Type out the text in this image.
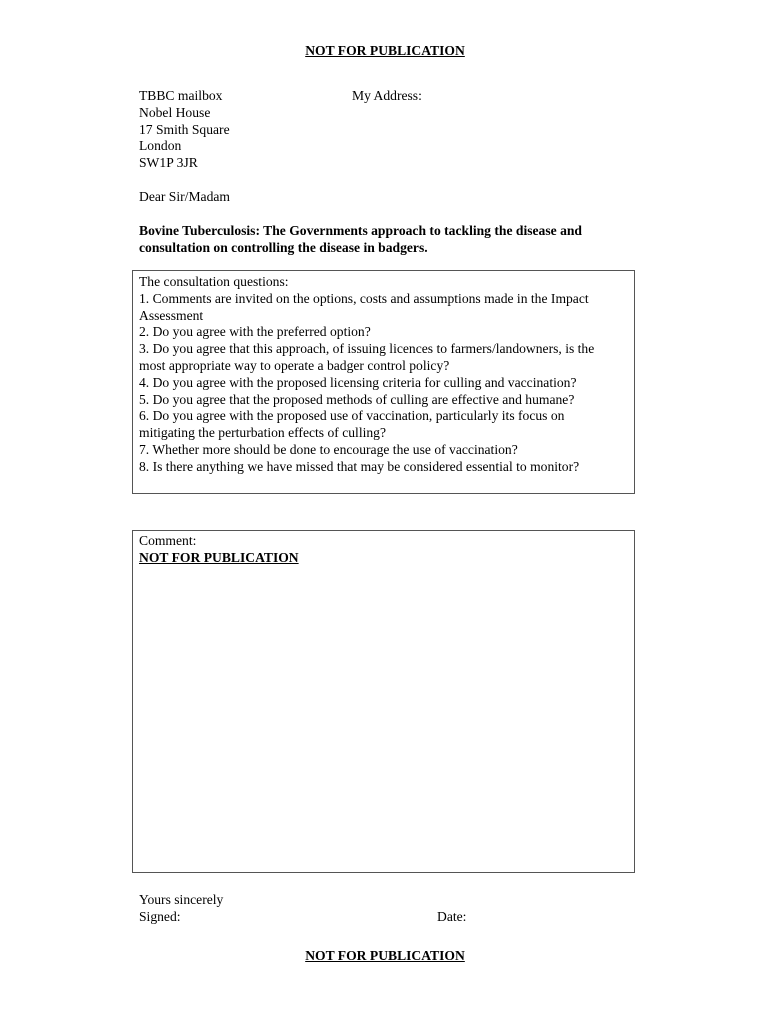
NOT FOR PUBLICATION
TBBC mailbox
Nobel House
17 Smith Square
London
SW1P 3JR
My Address:
Dear Sir/Madam
Bovine Tuberculosis: The Governments approach to tackling the disease and
consultation on controlling the disease in badgers.
The consultation questions:
1. Comments are invited on the options, costs and assumptions made in the Impact
Assessment
2. Do you agree with the preferred option?
3. Do you agree that this approach, of issuing licences to farmers/landowners, is the
most appropriate way to operate a badger control policy?
4. Do you agree with the proposed licensing criteria for culling and vaccination?
5. Do you agree that the proposed methods of culling are effective and humane?
6. Do you agree with the proposed use of vaccination, particularly its focus on
mitigating the perturbation effects of culling?
7. Whether more should be done to encourage the use of vaccination?
8. Is there anything we have missed that may be considered essential to monitor?
Comment:
NOT FOR PUBLICATION
Yours sincerely
Signed:	Date:
NOT FOR PUBLICATION
